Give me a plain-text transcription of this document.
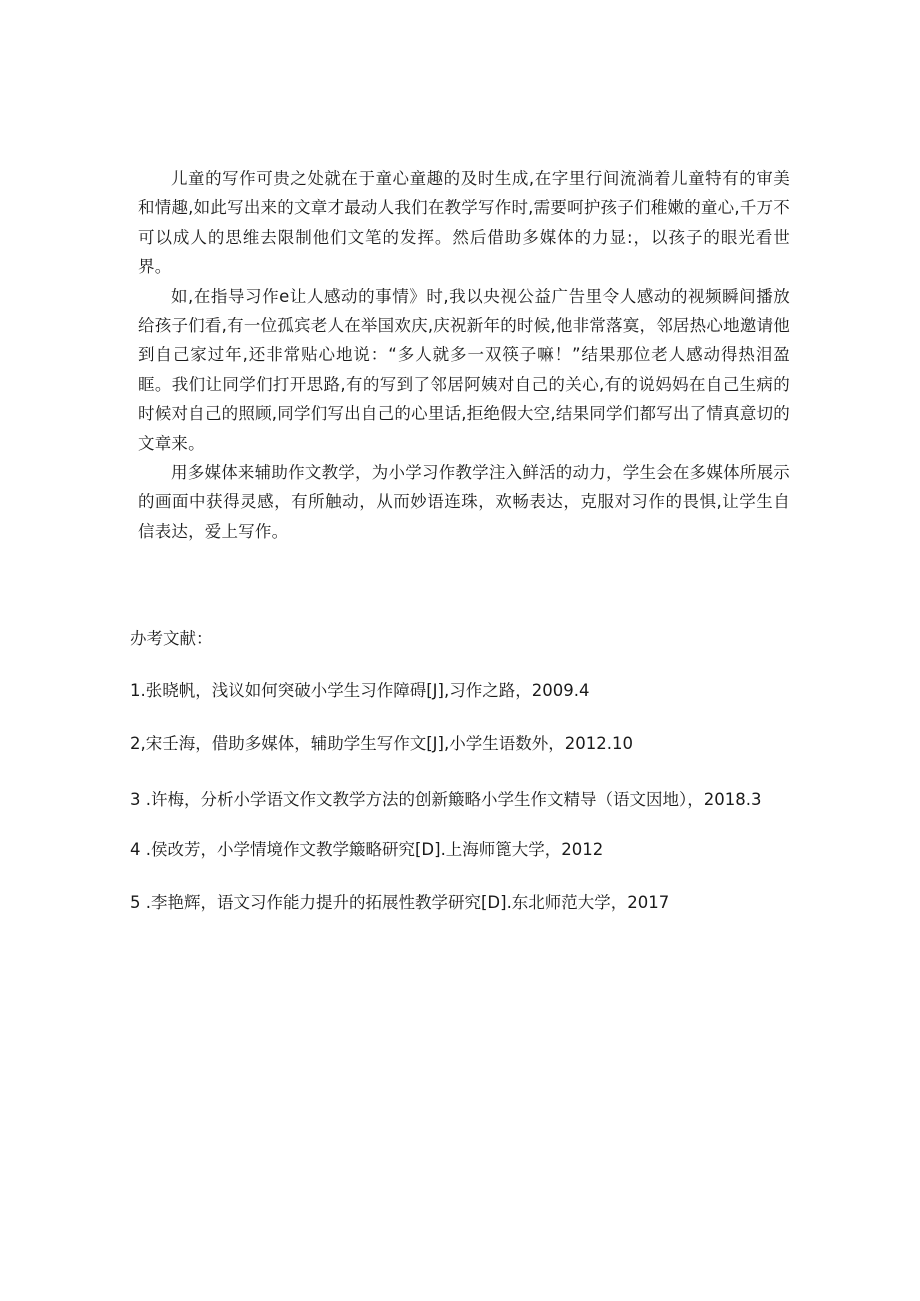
儿童的写作可贵之处就在于童心童趣的及时生成,在字里行间流淌着儿童特有的审美和情趣,如此写出来的文章才最动人我们在教学写作时,需要呵护孩子们稚嫩的童心,千万不可以成人的思维去限制他们文笔的发挥。然后借助多媒体的力显:，以孩子的眼光看世界。

如,在指导习作e让人感动的事情》时,我以央视公益广告里令人感动的视频瞬间播放给孩子们看,有一位孤宾老人在举国欢庆,庆祝新年的时候,他非常落寞，邻居热心地邀请他到自己家过年,还非常贴心地说：“多人就多一双筷子嘛！”结果那位老人感动得热泪盈眶。我们让同学们打开思路,有的写到了邻居阿姨对自己的关心,有的说妈妈在自己生病的时候对自己的照顾,同学们写出自己的心里话,拒绝假大空,结果同学们都写出了情真意切的文章来。

用多媒体来辅助作文教学，为小学习作教学注入鲜活的动力，学生会在多媒体所展示的画面中获得灵感，有所触动，从而妙语连珠，欢畅表达，克服对习作的畏惧,让学生自信表达，爱上写作。

办考文献：

1.张晓帆，浅议如何突破小学生习作障碍[J],习作之路，2009.4

2,宋壬海，借助多媒体，辅助学生写作文[J],小学生语数外，2012.10

3 .许梅，分析小学语文作文教学方法的创新簸略小学生作文精导（语文因地），2018.3

4 .侯改芳，小学情境作文教学簸略研究[D].上海师篦大学，2012

5 .李艳辉，语文习作能力提升的拓展性教学研究[D].东北师范大学，2017
